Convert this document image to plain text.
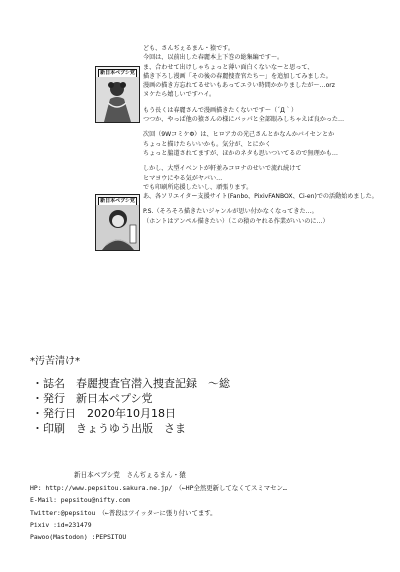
ども、さんぢぇるまん・猿です。
今回は、以前出した春麗本上下巻の総集編です～。
ま、合わせて出けしゃちょっと薄い面白くないなーと思って、
描き下ろし漫画「その後の春麗捜査官たち～」を追加してみました。
漫画の描き方忘れてるせいもあってエラい時間かかりましたが～…orz
ヌケたら嬉しいですハイ。

もう長くは春麗さんで漫画描きたくないです～（´Д｀）
つつか、やっぱ他の猿さんの様にバッパと全部眼みしちゃえば良かった…

次回（9WコミケΦ）は、ヒロアカの光己さんとかなんかバイセンとか
ちょっと描けたらいいかも。気分が、とにかく
ちょっと脇道されてますが、ほかのネタも思いついてるので無理かも…

しかし、大型イベントが軒並みコロナのせいで流れ続けて
ヒマヨウにやる気がヤバい…
でも印刷所応援したいし、頑張ります。
あ、各ソリエイター支援サイト(Fanbo、PixivFANBOX、Ci-en)での活動始めました。

P.S.（そろそろ描きたいジャンルが思い付かなくなってきた…。
（ホントはアンペル描きたい）（この猿のヤれる作業がいいのに…）

新日本ペプシ党
新日本ペプシ党
*汚苦清け*
・誌名　春麗捜査官潜入捜査記録　～総
・発行　新日本ペプシ党
・発行日　2020年10月18日
・印刷　きょうゆう出版　さま
新日本ペプシ党　さんぢぇるまん・猿
HP: http://www.pepsitou.sakura.ne.jp/　（←HP全然更新してなくてスミマセン…
E-Mail: pepsitou@nifty.com
Twitter:@pepsitou　（←普段はツイッターに張り付いてます。
Pixiv :id=231479
Pawoo(Mastodon) :PEPSITOU
